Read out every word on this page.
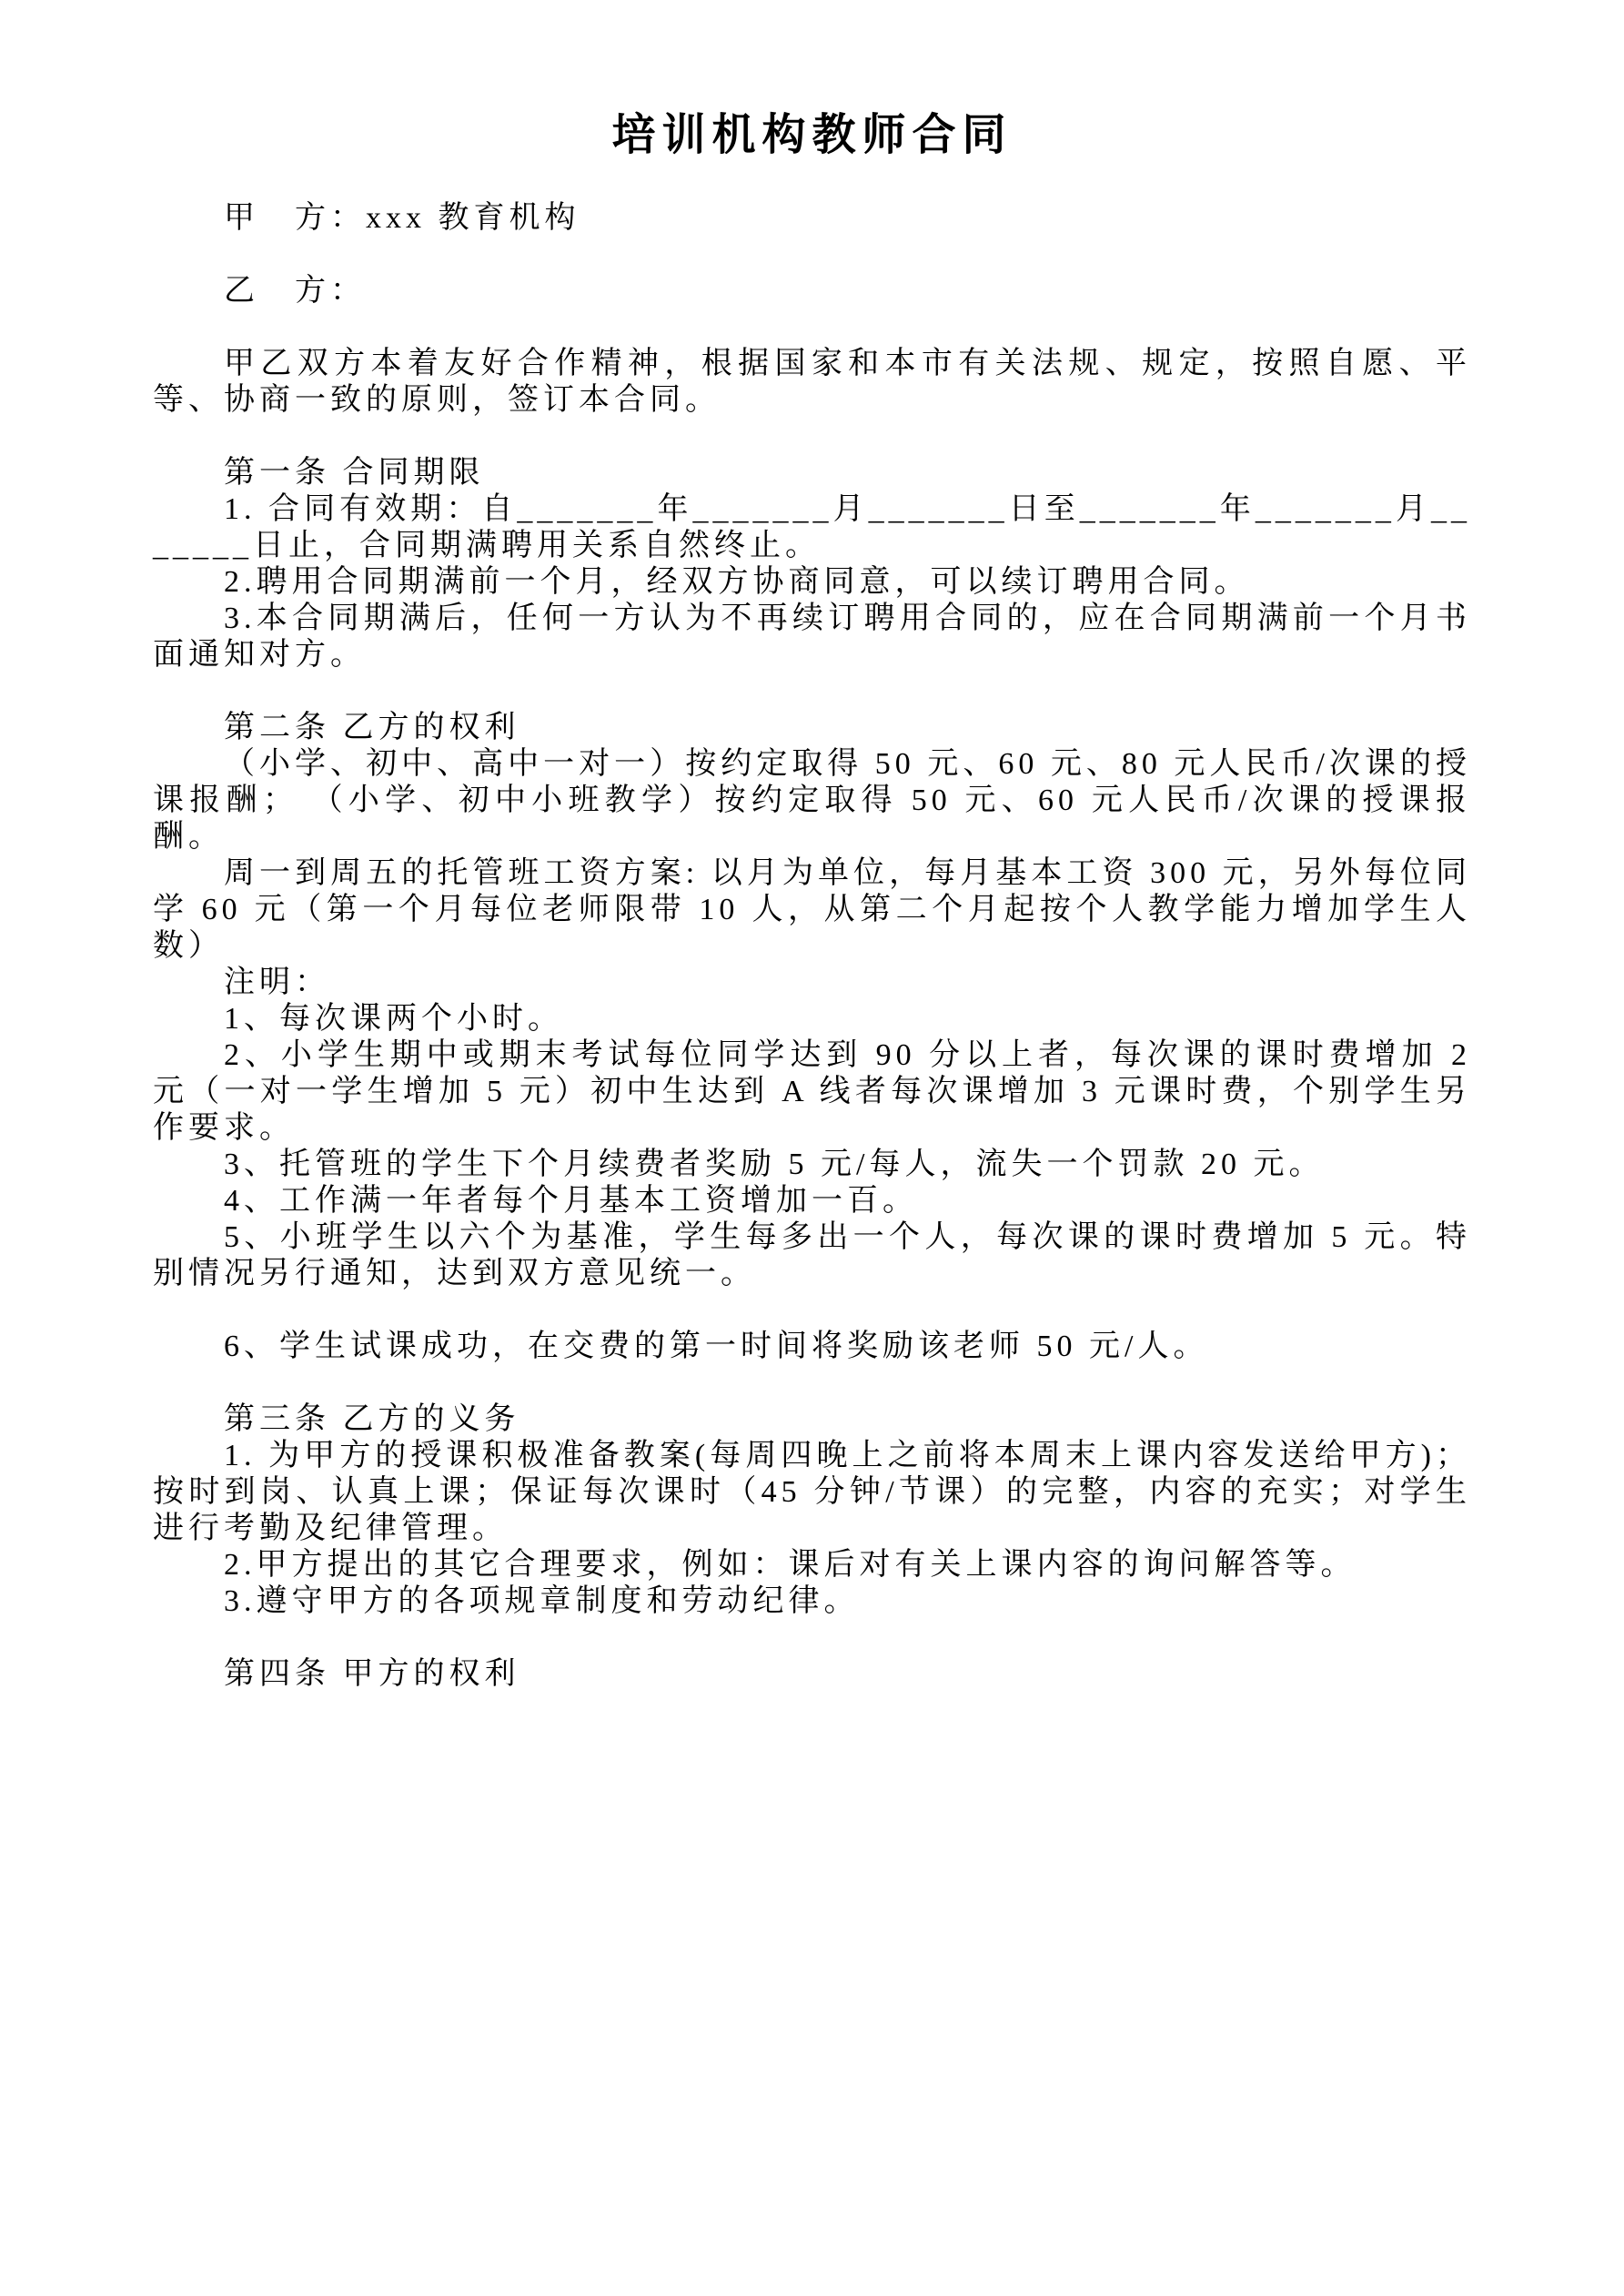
培训机构教师合同

甲　方：xxx 教育机构

乙　方：

甲乙双方本着友好合作精神，根据国家和本市有关法规、规定，按照自愿、平等、协商一致的原则，签订本合同。

第一条 合同期限

1. 合同有效期：自_______年_______月_______日至_______年_______月_______日止，合同期满聘用关系自然终止。

2.聘用合同期满前一个月，经双方协商同意，可以续订聘用合同。

3.本合同期满后，任何一方认为不再续订聘用合同的，应在合同期满前一个月书面通知对方。

第二条 乙方的权利

（小学、初中、高中一对一）按约定取得 50 元、60 元、80 元人民币/次课的授课报酬； （小学、初中小班教学）按约定取得 50 元、60 元人民币/次课的授课报酬。

周一到周五的托管班工资方案: 以月为单位，每月基本工资 300 元，另外每位同学 60 元（第一个月每位老师限带 10 人，从第二个月起按个人教学能力增加学生人数）

注明：

1、每次课两个小时。

2、小学生期中或期末考试每位同学达到 90 分以上者，每次课的课时费增加 2 元（一对一学生增加 5 元）初中生达到 A 线者每次课增加 3 元课时费，个别学生另作要求。

3、托管班的学生下个月续费者奖励 5 元/每人，流失一个罚款 20 元。

4、工作满一年者每个月基本工资增加一百。

5、小班学生以六个为基准，学生每多出一个人，每次课的课时费增加 5 元。特别情况另行通知，达到双方意见统一。

6、学生试课成功，在交费的第一时间将奖励该老师 50 元/人。

第三条 乙方的义务

1. 为甲方的授课积极准备教案(每周四晚上之前将本周末上课内容发送给甲方)；按时到岗、认真上课；保证每次课时（45 分钟/节课）的完整，内容的充实；对学生进行考勤及纪律管理。

2.甲方提出的其它合理要求，例如：课后对有关上课内容的询问解答等。

3.遵守甲方的各项规章制度和劳动纪律。

第四条 甲方的权利
